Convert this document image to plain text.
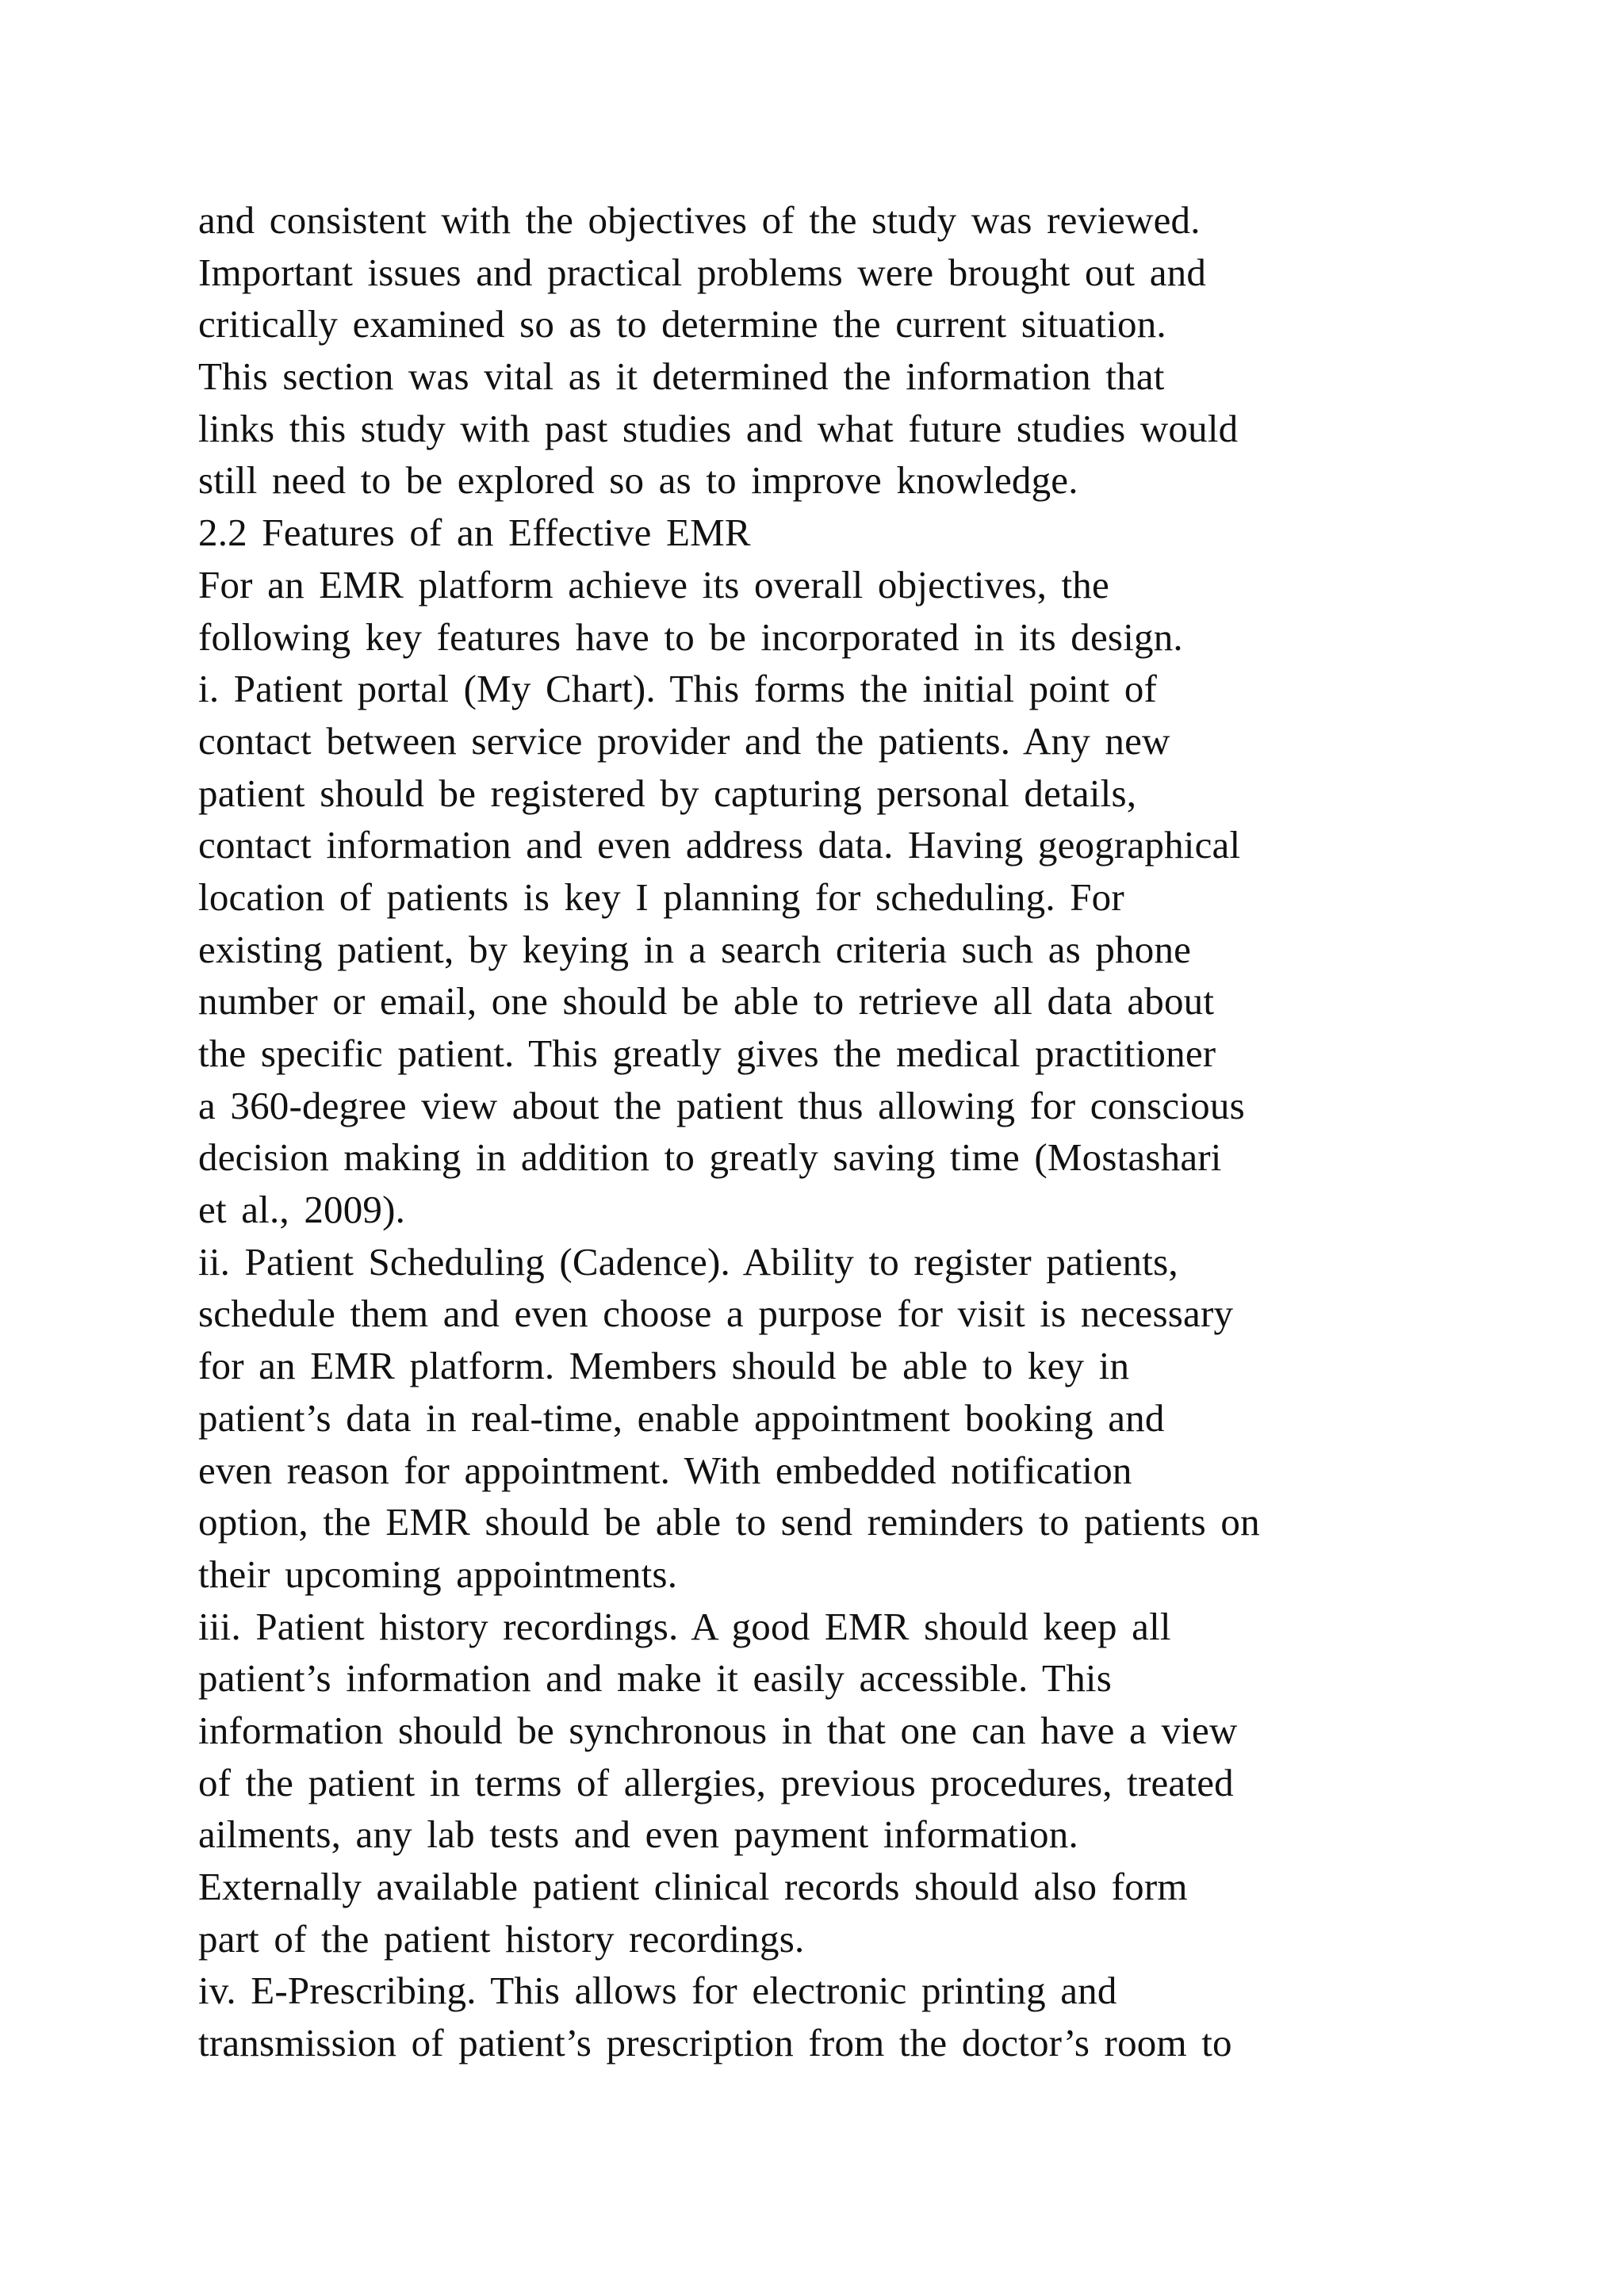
and consistent with the objectives of the study was reviewed.
Important issues and practical problems were brought out and
critically examined so as to determine the current situation.
This section was vital as it determined the information that
links this study with past studies and what future studies would
still need to be explored so as to improve knowledge.
2.2 Features of an Effective EMR
For an EMR platform achieve its overall objectives, the
following key features have to be incorporated in its design.
i. Patient portal (My Chart). This forms the initial point of
contact between service provider and the patients. Any new
patient should be registered by capturing personal details,
contact information and even address data. Having geographical
location of patients is key I planning for scheduling. For
existing patient, by keying in a search criteria such as phone
number or email, one should be able to retrieve all data about
the specific patient. This greatly gives the medical practitioner
a 360-degree view about the patient thus allowing for conscious
decision making in addition to greatly saving time (Mostashari
et al., 2009).
ii. Patient Scheduling (Cadence). Ability to register patients,
schedule them and even choose a purpose for visit is necessary
for an EMR platform. Members should be able to key in
patient’s data in real-time, enable appointment booking and
even reason for appointment. With embedded notification
option, the EMR should be able to send reminders to patients on
their upcoming appointments.
iii. Patient history recordings. A good EMR should keep all
patient’s information and make it easily accessible. This
information should be synchronous in that one can have a view
of the patient in terms of allergies, previous procedures, treated
ailments, any lab tests and even payment information.
Externally available patient clinical records should also form
part of the patient history recordings.
iv. E-Prescribing. This allows for electronic printing and
transmission of patient’s prescription from the doctor’s room to
